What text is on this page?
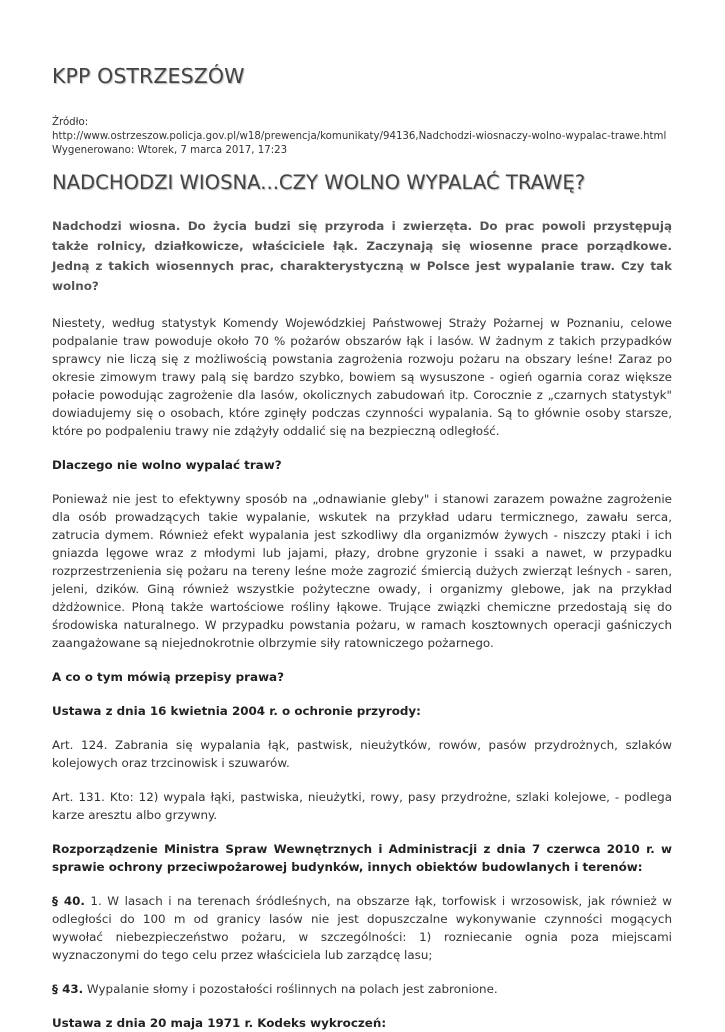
KPP OSTRZESZÓW
Źródło:
http://www.ostrzeszow.policja.gov.pl/w18/prewencja/komunikaty/94136,Nadchodzi-wiosnaczy-wolno-wypalac-trawe.html
Wygenerowano: Wtorek, 7 marca 2017, 17:23
NADCHODZI WIOSNA...CZY WOLNO WYPALAĆ TRAWĘ?

Nadchodzi wiosna. Do życia budzi się przyroda i zwierzęta. Do prac powoli przystępują także rolnicy, działkowicze, właściciele łąk. Zaczynają się wiosenne prace porządkowe. Jedną z takich wiosennych prac, charakterystyczną w Polsce jest wypalanie traw. Czy tak wolno?

Niestety, według statystyk Komendy Wojewódzkiej Państwowej Straży Pożarnej w Poznaniu, celowe podpalanie traw powoduje około 70 % pożarów obszarów łąk i lasów. W żadnym z takich przypadków sprawcy nie liczą się z możliwością powstania zagrożenia rozwoju pożaru na obszary leśne! Zaraz po okresie zimowym trawy palą się bardzo szybko, bowiem są wysuszone - ogień ogarnia coraz większe połacie powodując zagrożenie dla lasów, okolicznych zabudowań itp. Corocznie z „czarnych statystyk" dowiadujemy się o osobach, które zginęły podczas czynności wypalania. Są to głównie osoby starsze, które po podpaleniu trawy nie zdążyły oddalić się na bezpieczną odległość.

Dlaczego nie wolno wypalać traw?

Ponieważ nie jest to efektywny sposób na „odnawianie gleby" i stanowi zarazem poważne zagrożenie dla osób prowadzących takie wypalanie, wskutek na przykład udaru termicznego, zawału serca, zatrucia dymem. Również efekt wypalania jest szkodliwy dla organizmów żywych - niszczy ptaki i ich gniazda lęgowe wraz z młodymi lub jajami, płazy, drobne gryzonie i ssaki a nawet, w przypadku rozprzestrzenienia się pożaru na tereny leśne może zagrozić śmiercią dużych zwierząt leśnych - saren, jeleni, dzików. Giną również wszystkie pożyteczne owady, i organizmy glebowe, jak na przykład dżdżownice. Płoną także wartościowe rośliny łąkowe. Trujące związki chemiczne przedostają się do środowiska naturalnego. W przypadku powstania pożaru, w ramach kosztownych operacji gaśniczych zaangażowane są niejednokrotnie olbrzymie siły ratowniczego pożarnego.

A co o tym mówią przepisy prawa?

Ustawa z dnia 16 kwietnia 2004 r. o ochronie przyrody:

Art. 124. Zabrania się wypalania łąk, pastwisk, nieużytków, rowów, pasów przydrożnych, szlaków kolejowych oraz trzcinowisk i szuwarów.

Art. 131. Kto: 12) wypala łąki, pastwiska, nieużytki, rowy, pasy przydrożne, szlaki kolejowe, - podlega karze aresztu albo grzywny.

Rozporządzenie Ministra Spraw Wewnętrznych i Administracji z dnia 7 czerwca 2010 r. w sprawie ochrony przeciwpożarowej budynków, innych obiektów budowlanych i terenów:

§ 40. 1. W lasach i na terenach śródleśnych, na obszarze łąk, torfowisk i wrzosowisk, jak również w odległości do 100 m od granicy lasów nie jest dopuszczalne wykonywanie czynności mogących wywołać niebezpieczeństwo pożaru, w szczególności: 1) rozniecanie ognia poza miejscami wyznaczonymi do tego celu przez właściciela lub zarządcę lasu;

§ 43. Wypalanie słomy i pozostałości roślinnych na polach jest zabronione.

Ustawa z dnia 20 maja 1971 r. Kodeks wykroczeń:
